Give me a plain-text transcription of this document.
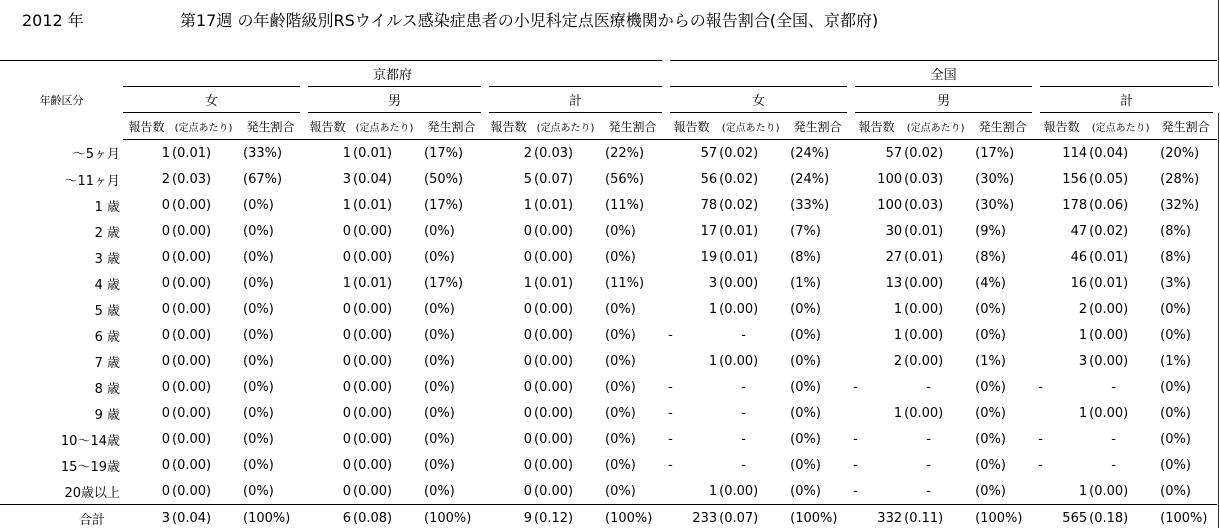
2012 年	第17週 の年齢階級別RSウイルス感染症患者の小児科定点医療機関からの報告割合(全国、京都府)
年齢区分	京都府									全国								
	女			男			計			女			男			計		
	報告数	(定点あたり)	発生割合	報告数	(定点あたり)	発生割合	報告数	(定点あたり)	発生割合	報告数	(定点あたり)	発生割合	報告数	(定点あたり)	発生割合	報告数	(定点あたり)	発生割合
～5ヶ月	1	(0.01)	(33%)	1	(0.01)	(17%)	2	(0.03)	(22%)	57	(0.02)	(24%)	57	(0.02)	(17%)	114	(0.04)	(20%)
～11ヶ月	2	(0.03)	(67%)	3	(0.04)	(50%)	5	(0.07)	(56%)	56	(0.02)	(24%)	100	(0.03)	(30%)	156	(0.05)	(28%)
1 歳	0	(0.00)	(0%)	1	(0.01)	(17%)	1	(0.01)	(11%)	78	(0.02)	(33%)	100	(0.03)	(30%)	178	(0.06)	(32%)
2 歳	0	(0.00)	(0%)	0	(0.00)	(0%)	0	(0.00)	(0%)	17	(0.01)	(7%)	30	(0.01)	(9%)	47	(0.02)	(8%)
3 歳	0	(0.00)	(0%)	0	(0.00)	(0%)	0	(0.00)	(0%)	19	(0.01)	(8%)	27	(0.01)	(8%)	46	(0.01)	(8%)
4 歳	0	(0.00)	(0%)	1	(0.01)	(17%)	1	(0.01)	(11%)	3	(0.00)	(1%)	13	(0.00)	(4%)	16	(0.01)	(3%)
5 歳	0	(0.00)	(0%)	0	(0.00)	(0%)	0	(0.00)	(0%)	1	(0.00)	(0%)	1	(0.00)	(0%)	2	(0.00)	(0%)
6 歳	0	(0.00)	(0%)	0	(0.00)	(0%)	0	(0.00)	(0%)	-	-	(0%)	1	(0.00)	(0%)	1	(0.00)	(0%)
7 歳	0	(0.00)	(0%)	0	(0.00)	(0%)	0	(0.00)	(0%)	1	(0.00)	(0%)	2	(0.00)	(1%)	3	(0.00)	(1%)
8 歳	0	(0.00)	(0%)	0	(0.00)	(0%)	0	(0.00)	(0%)	-	-	(0%)	-	-	(0%)	-	-	(0%)
9 歳	0	(0.00)	(0%)	0	(0.00)	(0%)	0	(0.00)	(0%)	-	-	(0%)	1	(0.00)	(0%)	1	(0.00)	(0%)
10～14歳	0	(0.00)	(0%)	0	(0.00)	(0%)	0	(0.00)	(0%)	-	-	(0%)	-	-	(0%)	-	-	(0%)
15～19歳	0	(0.00)	(0%)	0	(0.00)	(0%)	0	(0.00)	(0%)	-	-	(0%)	-	-	(0%)	-	-	(0%)
20歳以上	0	(0.00)	(0%)	0	(0.00)	(0%)	0	(0.00)	(0%)	1	(0.00)	(0%)	-	-	(0%)	1	(0.00)	(0%)
合計	3	(0.04)	(100%)	6	(0.08)	(100%)	9	(0.12)	(100%)	233	(0.07)	(100%)	332	(0.11)	(100%)	565	(0.18)	(100%)
